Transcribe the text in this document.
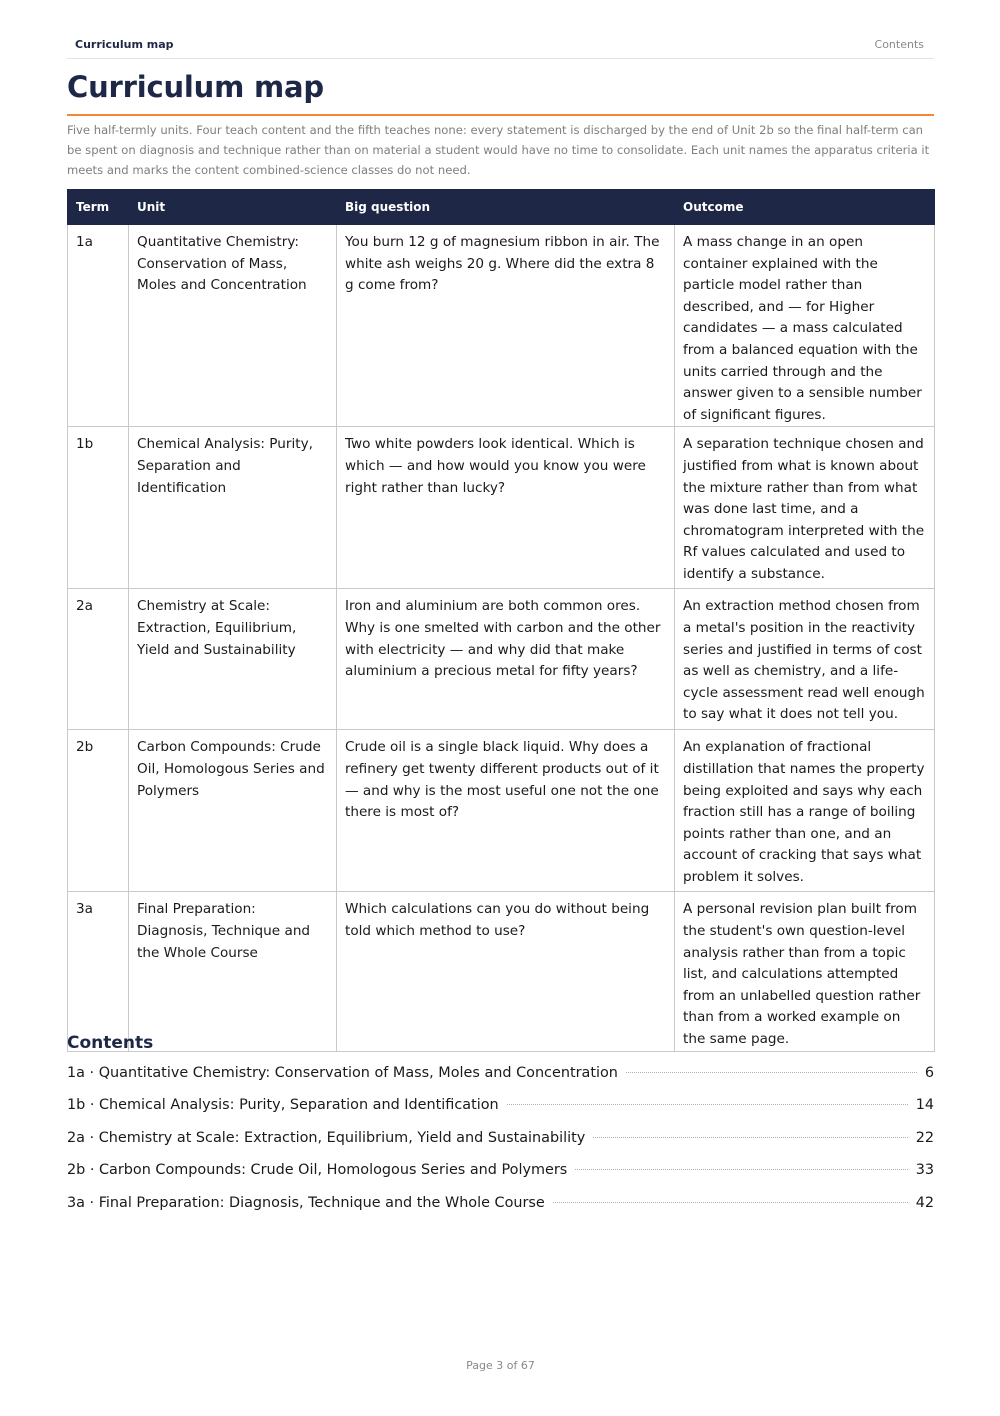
Curriculum map	Contents
Curriculum map

Five half-termly units. Four teach content and the fifth teaches none: every statement is discharged by the end of Unit 2b so the final half-term can be spent on diagnosis and technique rather than on material a student would have no time to consolidate. Each unit names the apparatus criteria it meets and marks the content combined-science classes do not need.

Term	Unit	Big question	Outcome
1a	Quantitative Chemistry: Conservation of Mass, Moles and Concentration	You burn 12 g of magnesium ribbon in air. The white ash weighs 20 g. Where did the extra 8 g come from?	A mass change in an open container explained with the particle model rather than described, and — for Higher candidates — a mass calculated from a balanced equation with the units carried through and the answer given to a sensible number of significant figures.
1b	Chemical Analysis: Purity, Separation and Identification	Two white powders look identical. Which is which — and how would you know you were right rather than lucky?	A separation technique chosen and justified from what is known about the mixture rather than from what was done last time, and a chromatogram interpreted with the Rf values calculated and used to identify a substance.
2a	Chemistry at Scale: Extraction, Equilibrium, Yield and Sustainability	Iron and aluminium are both common ores. Why is one smelted with carbon and the other with electricity — and why did that make aluminium a precious metal for fifty years?	An extraction method chosen from a metal's position in the reactivity series and justified in terms of cost as well as chemistry, and a life-cycle assessment read well enough to say what it does not tell you.
2b	Carbon Compounds: Crude Oil, Homologous Series and Polymers	Crude oil is a single black liquid. Why does a refinery get twenty different products out of it — and why is the most useful one not the one there is most of?	An explanation of fractional distillation that names the property being exploited and says why each fraction still has a range of boiling points rather than one, and an account of cracking that says what problem it solves.
3a	Final Preparation: Diagnosis, Technique and the Whole Course	Which calculations can you do without being told which method to use?	A personal revision plan built from the student's own question-level analysis rather than from a topic list, and calculations attempted from an unlabelled question rather than from a worked example on the same page.
Contents
1a · Quantitative Chemistry: Conservation of Mass, Moles and Concentration	6
1b · Chemical Analysis: Purity, Separation and Identification	14
2a · Chemistry at Scale: Extraction, Equilibrium, Yield and Sustainability	22
2b · Carbon Compounds: Crude Oil, Homologous Series and Polymers	33
3a · Final Preparation: Diagnosis, Technique and the Whole Course	42
Page 3 of 67
